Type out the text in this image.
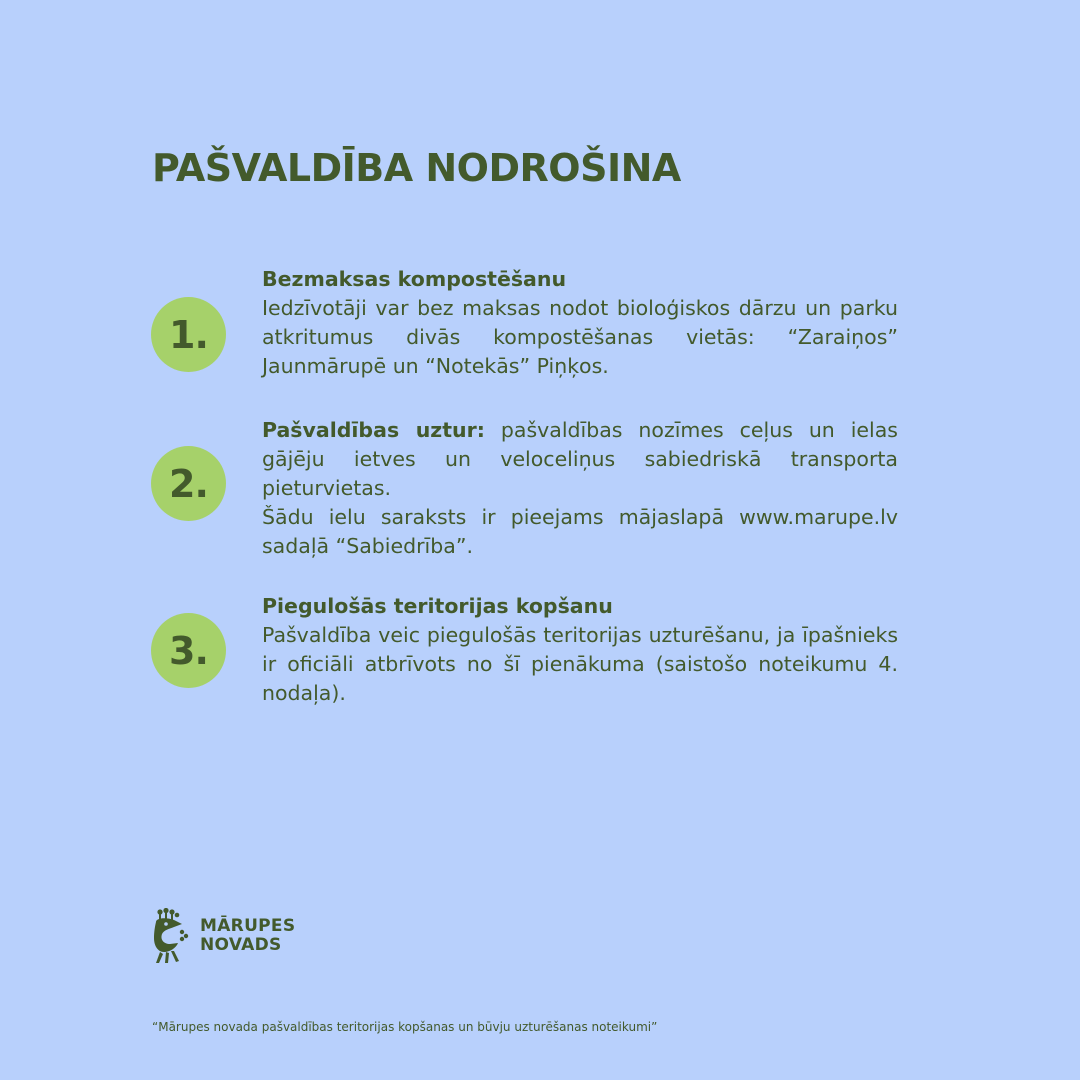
PAŠVALDĪBA NODROŠINA
1.
Bezmaksas kompostēšanu

Iedzīvotāji var bez maksas nodot bioloģiskos dārzu un parku atkritumus divās kompostēšanas vietās: “Zaraiņos” Jaunmārupē un “Notekās” Piņķos.

2.

Pašvaldības uztur: pašvaldības nozīmes ceļus un ielas gājēju ietves un veloceliņus sabiedriskā transporta pieturvietas.

Šādu ielu saraksts ir pieejams mājaslapā www.marupe.lv sadaļā “Sabiedrība”.

3.
Piegulošās teritorijas kopšanu

Pašvaldība veic piegulošās teritorijas uzturēšanu, ja īpašnieks ir oficiāli atbrīvots no šī pienākuma (saistošo noteikumu 4. nodaļa).

MĀRUPES
NOVADS
“Mārupes novada pašvaldības teritorijas kopšanas un būvju uzturēšanas noteikumi”
